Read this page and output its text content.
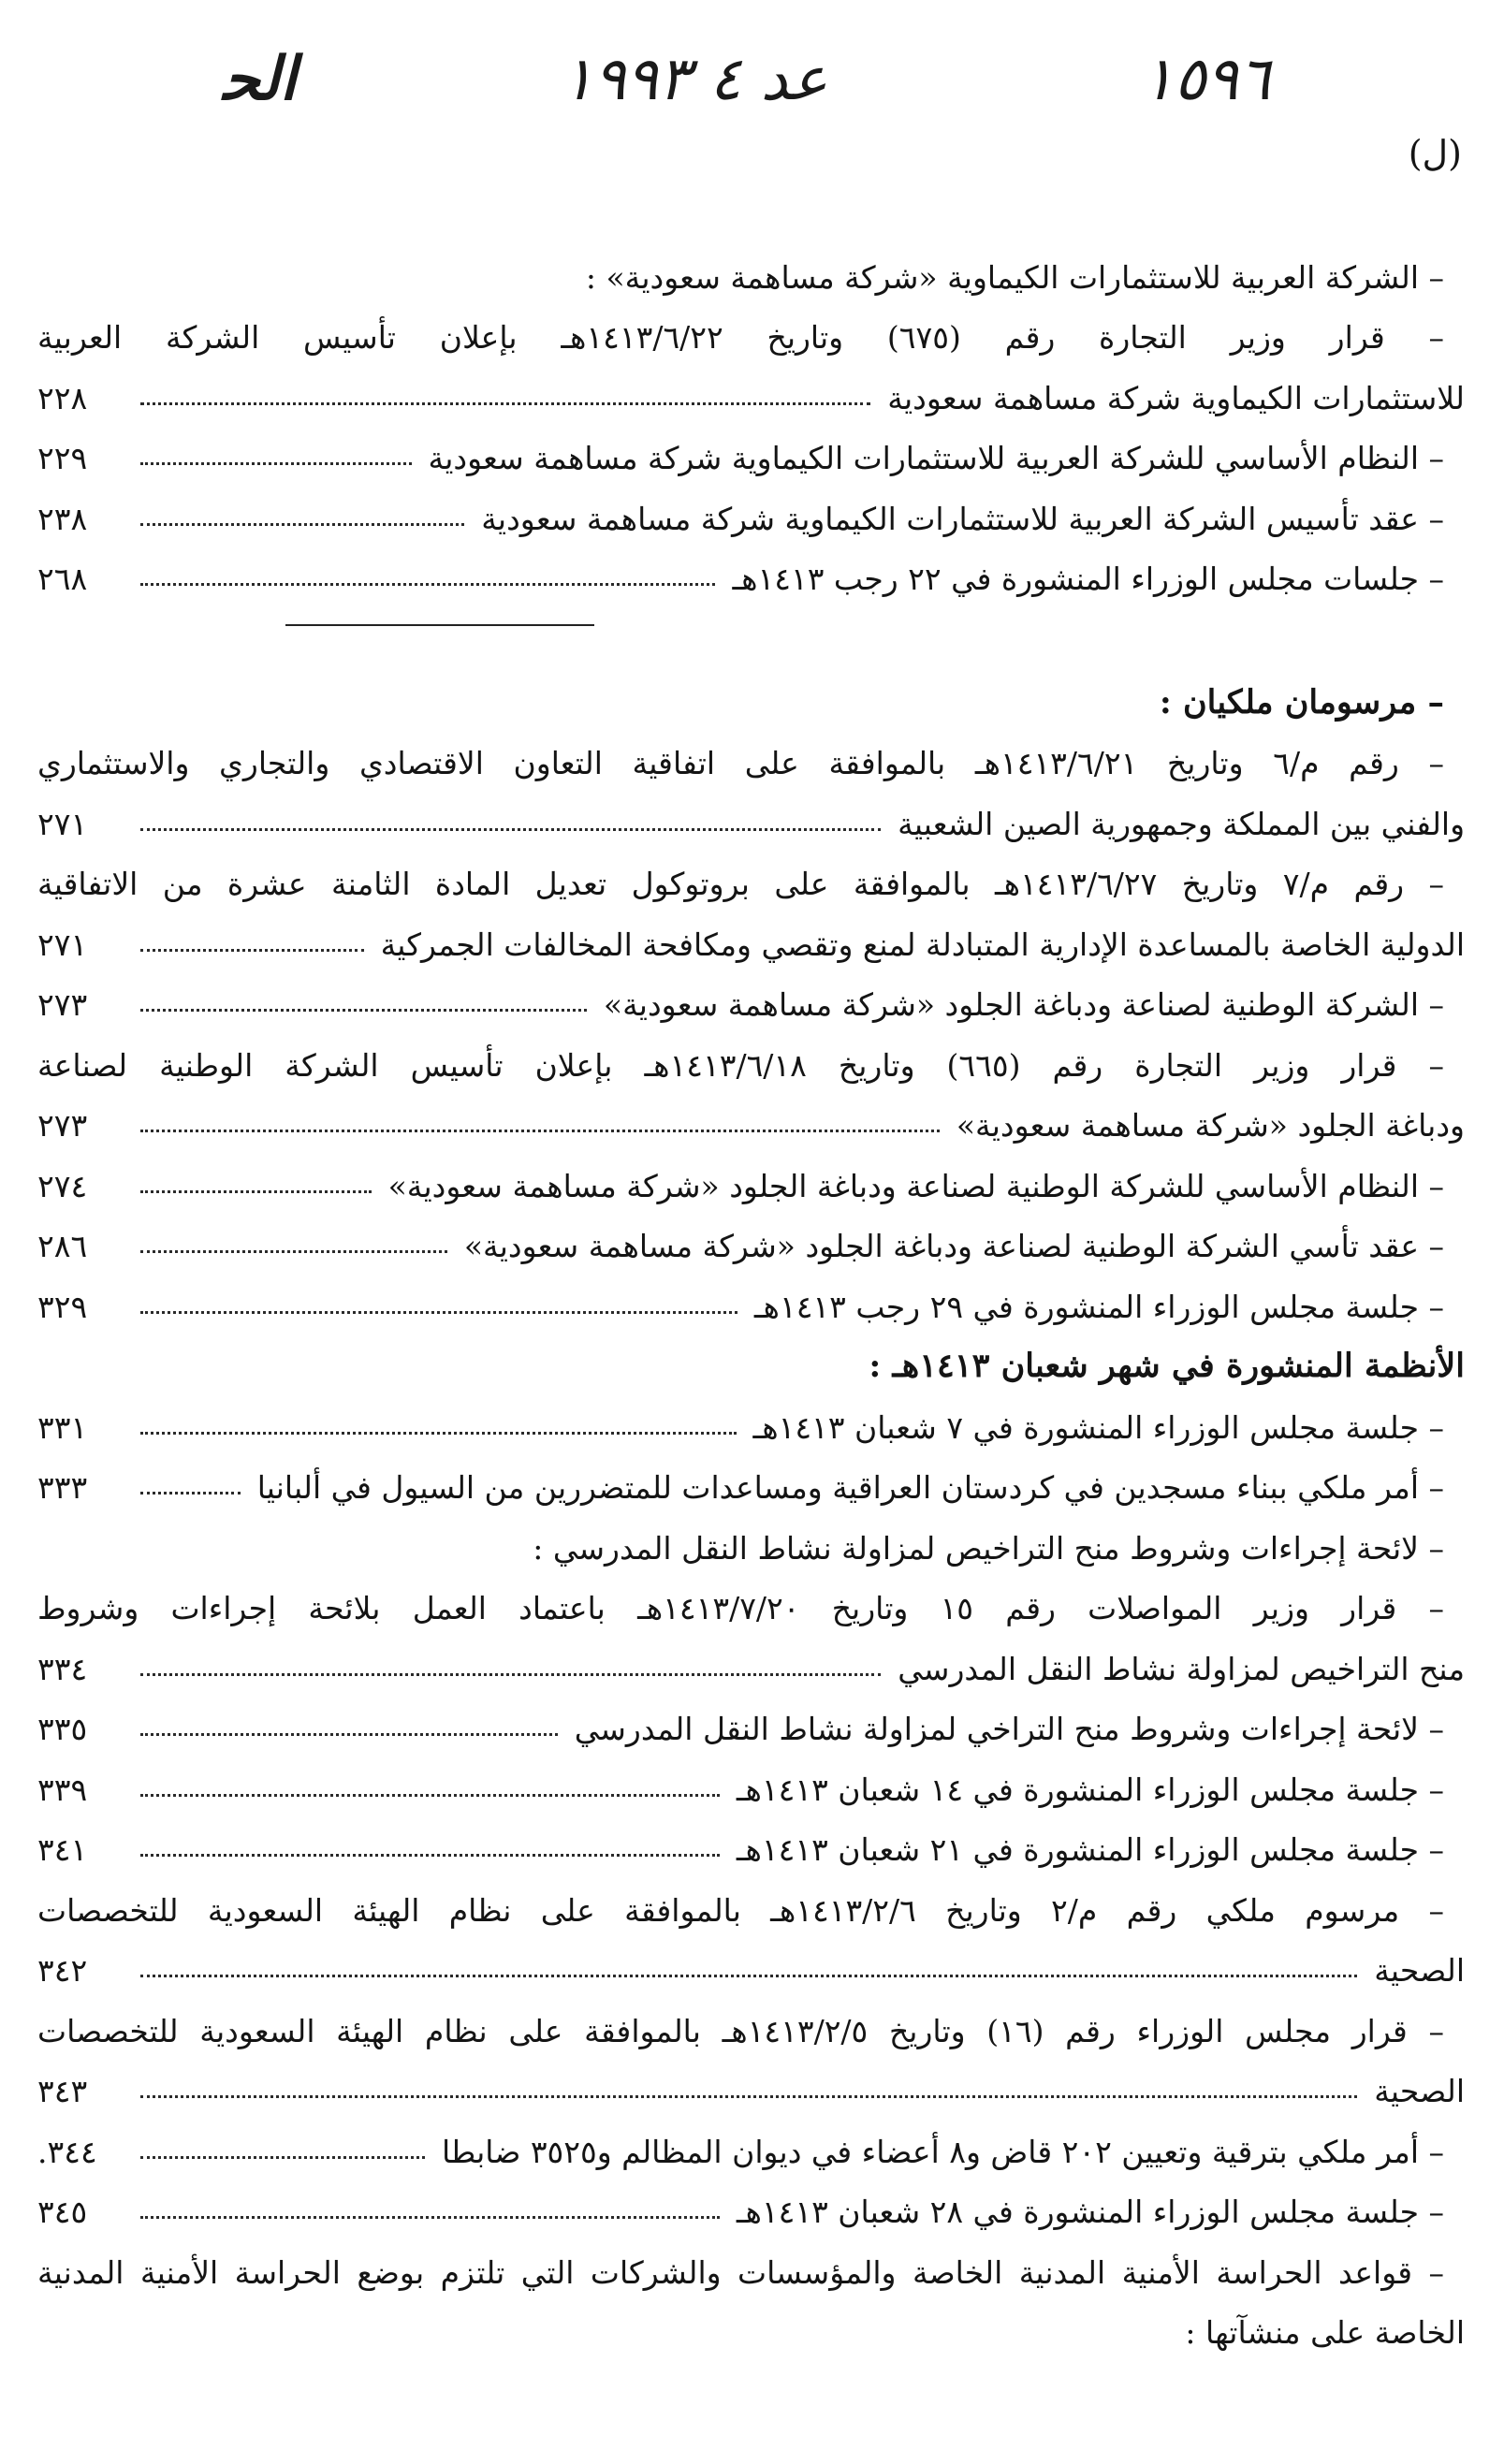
ﺍﻟﺤ	ﻋﺪ ٤ ١٩٩٣	١٥٩٦
(ل)
– الشركة العربية للاستثمارات الكيماوية «شركة مساهمة سعودية» :
– قرار وزير التجارة رقم (٦٧٥) وتاريخ ١٤١٣/٦/٢٢هـ بإعلان تأسيس الشركة العربية
للاستثمارات الكيماوية شركة مساهمة سعودية
٢٢٨
– النظام الأساسي للشركة العربية للاستثمارات الكيماوية شركة مساهمة سعودية
٢٢٩
– عقد تأسيس الشركة العربية للاستثمارات الكيماوية شركة مساهمة سعودية
٢٣٨
– جلسات مجلس الوزراء المنشورة في ٢٢ رجب ١٤١٣هـ
٢٦٨
– مرسومان ملكيان :
– رقم م/٦ وتاريخ ١٤١٣/٦/٢١هـ بالموافقة على اتفاقية التعاون الاقتصادي والتجاري والاستثماري
والفني بين المملكة وجمهورية الصين الشعبية
٢٧١
– رقم م/٧ وتاريخ ١٤١٣/٦/٢٧هـ بالموافقة على بروتوكول تعديل المادة الثامنة عشرة من الاتفاقية
الدولية الخاصة بالمساعدة الإدارية المتبادلة لمنع وتقصي ومكافحة المخالفات الجمركية
٢٧١
– الشركة الوطنية لصناعة ودباغة الجلود «شركة مساهمة سعودية»
٢٧٣
– قرار وزير التجارة رقم (٦٦٥) وتاريخ ١٤١٣/٦/١٨هـ بإعلان تأسيس الشركة الوطنية لصناعة
ودباغة الجلود «شركة مساهمة سعودية»
٢٧٣
– النظام الأساسي للشركة الوطنية لصناعة ودباغة الجلود «شركة مساهمة سعودية»
٢٧٤
– عقد تأسي الشركة الوطنية لصناعة ودباغة الجلود «شركة مساهمة سعودية»
٢٨٦
– جلسة مجلس الوزراء المنشورة في ٢٩ رجب ١٤١٣هـ
٣٢٩
الأنظمة المنشورة في شهر شعبان ١٤١٣هـ :
– جلسة مجلس الوزراء المنشورة في ٧ شعبان ١٤١٣هـ
٣٣١
– أمر ملكي ببناء مسجدين في كردستان العراقية ومساعدات للمتضررين من السيول في ألبانيا
٣٣٣
– لائحة إجراءات وشروط منح التراخيص لمزاولة نشاط النقل المدرسي :
– قرار وزير المواصلات رقم ١٥ وتاريخ ١٤١٣/٧/٢٠هـ باعتماد العمل بلائحة إجراءات وشروط
منح التراخيص لمزاولة نشاط النقل المدرسي
٣٣٤
– لائحة إجراءات وشروط منح التراخي لمزاولة نشاط النقل المدرسي
٣٣٥
– جلسة مجلس الوزراء المنشورة في ١٤ شعبان ١٤١٣هـ
٣٣٩
– جلسة مجلس الوزراء المنشورة في ٢١ شعبان ١٤١٣هـ
٣٤١
– مرسوم ملكي رقم م/٢ وتاريخ ١٤١٣/٢/٦هـ بالموافقة على نظام الهيئة السعودية للتخصصات
الصحية
٣٤٢
– قرار مجلس الوزراء رقم (١٦) وتاريخ ١٤١٣/٢/٥هـ بالموافقة على نظام الهيئة السعودية للتخصصات
الصحية
٣٤٣
– أمر ملكي بترقية وتعيين ٢٠٢ قاض و٨ أعضاء في ديوان المظالم و٣٥٢٥ ضابطا
٣٤٤.
– جلسة مجلس الوزراء المنشورة في ٢٨ شعبان ١٤١٣هـ
٣٤٥
– قواعد الحراسة الأمنية المدنية الخاصة والمؤسسات والشركات التي تلتزم بوضع الحراسة الأمنية المدنية
الخاصة على منشآتها :
